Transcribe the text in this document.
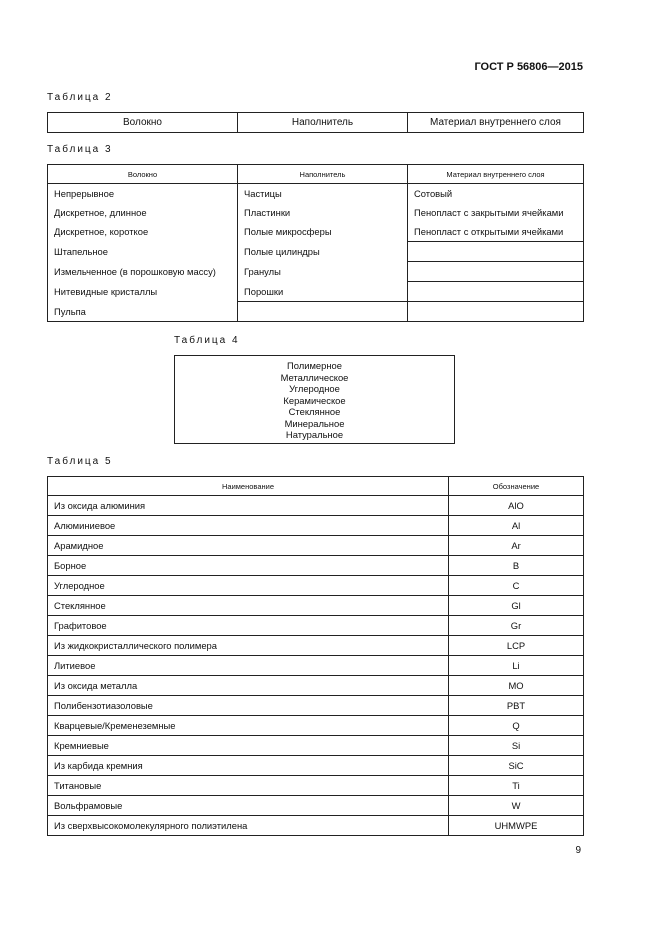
ГОСТ Р 56806—2015
Таблица 2
Волокно	Наполнитель	Материал внутреннего слоя
Таблица 3
Волокно	Наполнитель	Материал внутреннего слоя
Непрерывное	Частицы	Сотовый
Дискретное, длинное	Пластинки	Пенопласт с закрытыми ячейками
Дискретное, короткое	Полые микросферы	Пенопласт с открытыми ячейками
Штапельное	Полые цилиндры	
Измельченное (в порошковую массу)	Гранулы	
Нитевидные кристаллы	Порошки	
Пульпа		
Таблица 4
Полимерное
Металлическое
Углеродное
Керамическое
Стеклянное
Минеральное
Натуральное
Таблица 5
Наименование	Обозначение
Из оксида алюминия	AlO
Алюминиевое	Al
Арамидное	Ar
Борное	B
Углеродное	C
Стеклянное	Gl
Графитовое	Gr
Из жидкокристаллического полимера	LCP
Литиевое	Li
Из оксида металла	MO
Полибензотиазоловые	PBT
Кварцевые/Кременеземные	Q
Кремниевые	Si
Из карбида кремния	SiC
Титановые	Ti
Вольфрамовые	W
Из сверхвысокомолекулярного полиэтилена	UHMWPE
9
